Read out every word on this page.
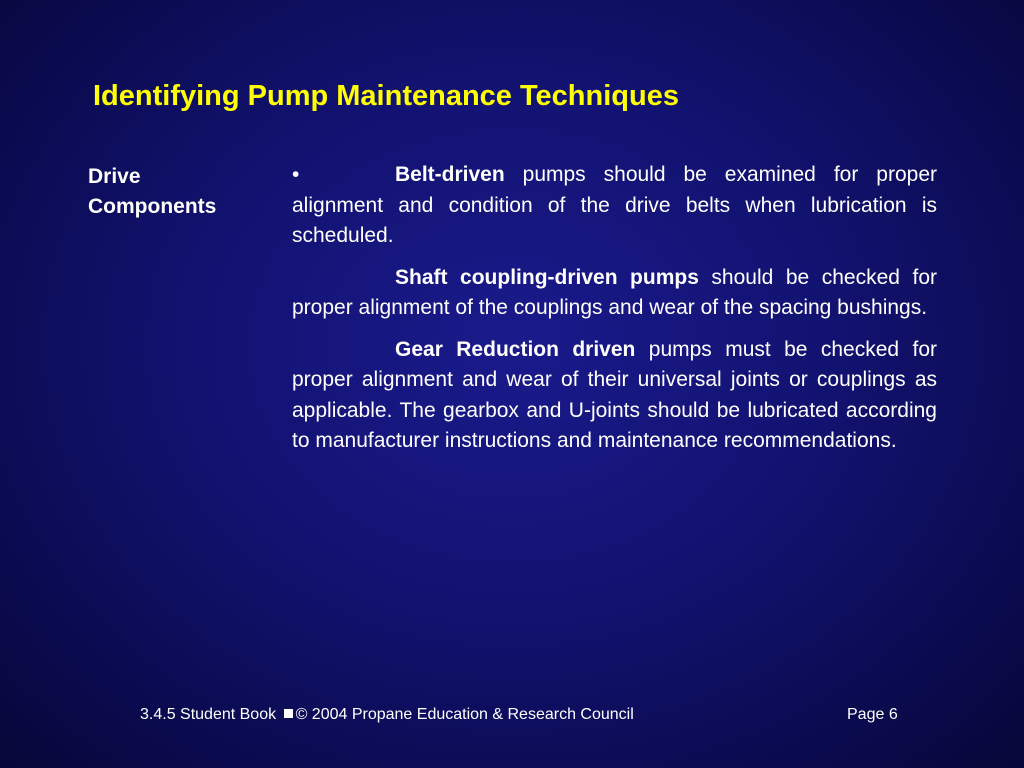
Identifying Pump Maintenance Techniques
Drive Components

•	Belt-driven pumps should be examined for proper alignment and condition of the drive belts when lubrication is scheduled.

Shaft coupling-driven pumps should be checked for proper alignment of the couplings and wear of the spacing bushings.

Gear Reduction driven pumps must be checked for proper alignment and wear of their universal joints or couplings as applicable. The gearbox and U-joints should be lubricated according to manufacturer instructions and maintenance recommendations.

3.4.5 Student Book © 2004 Propane Education & Research Council	Page 6
